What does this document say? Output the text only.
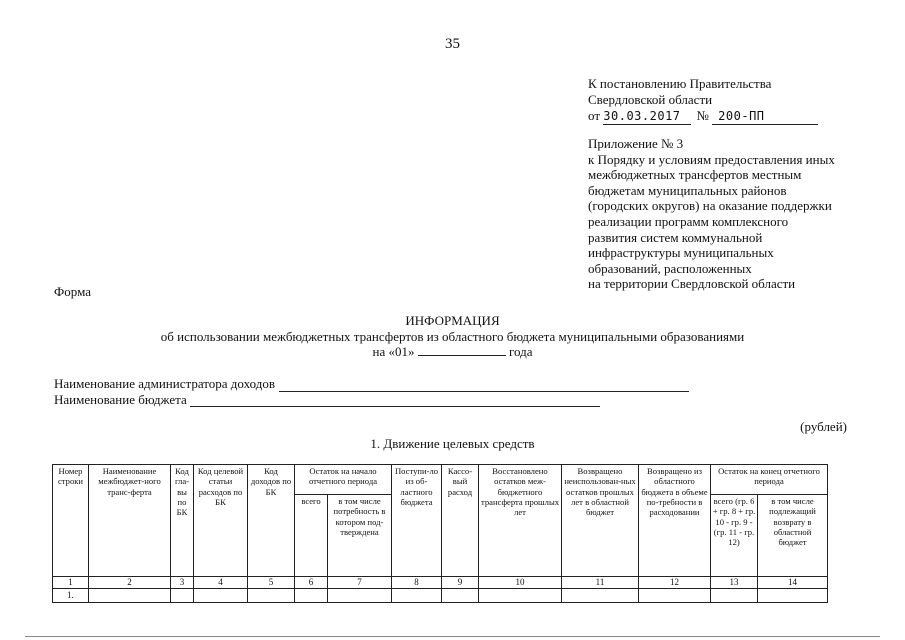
35
К постановлению Правительства
Свердловской области
от 30.03.2017 № 200-ПП
Приложение № 3
к Порядку и условиям предоставления иных
межбюджетных трансфертов местным
бюджетам муниципальных районов
(городских округов) на оказание поддержки
реализации программ комплексного
развития систем коммунальной
инфраструктуры муниципальных
образований, расположенных
на территории Свердловской области
Форма
ИНФОРМАЦИЯ
об использовании межбюджетных трансфертов из областного бюджета муниципальными образованиями
на «01»	года
Наименование администратора доходов
Наименование бюджета
(рублей)
1. Движение целевых средств
Номер строки	Наименование межбюджет-ного транс-ферта	Код гла-вы по БК	Код целевой статьи расходов по БК	Код доходов по БК	Остаток на начало отчетного периода		Поступи-ло из об-ластного бюджета	Кассо-вый расход	Восстановлено остатков меж-бюджетного трансферта прошлых лет	Возвращено неиспользован-ных остатков прошлых лет в областной бюджет	Возвращено из областного бюджета в объеме по-требности в расходовании	Остаток на конец отчетного периода	
					всего	в том числе потребность в котором под-тверждена						всего (гр. 6 + гр. 8 + гр. 10 - гр. 9 - (гр. 11 - гр. 12)	в том числе подлежащий возврату в областной бюджет
1	2	3	4	5	6	7	8	9	10	11	12	13	14
1.													
